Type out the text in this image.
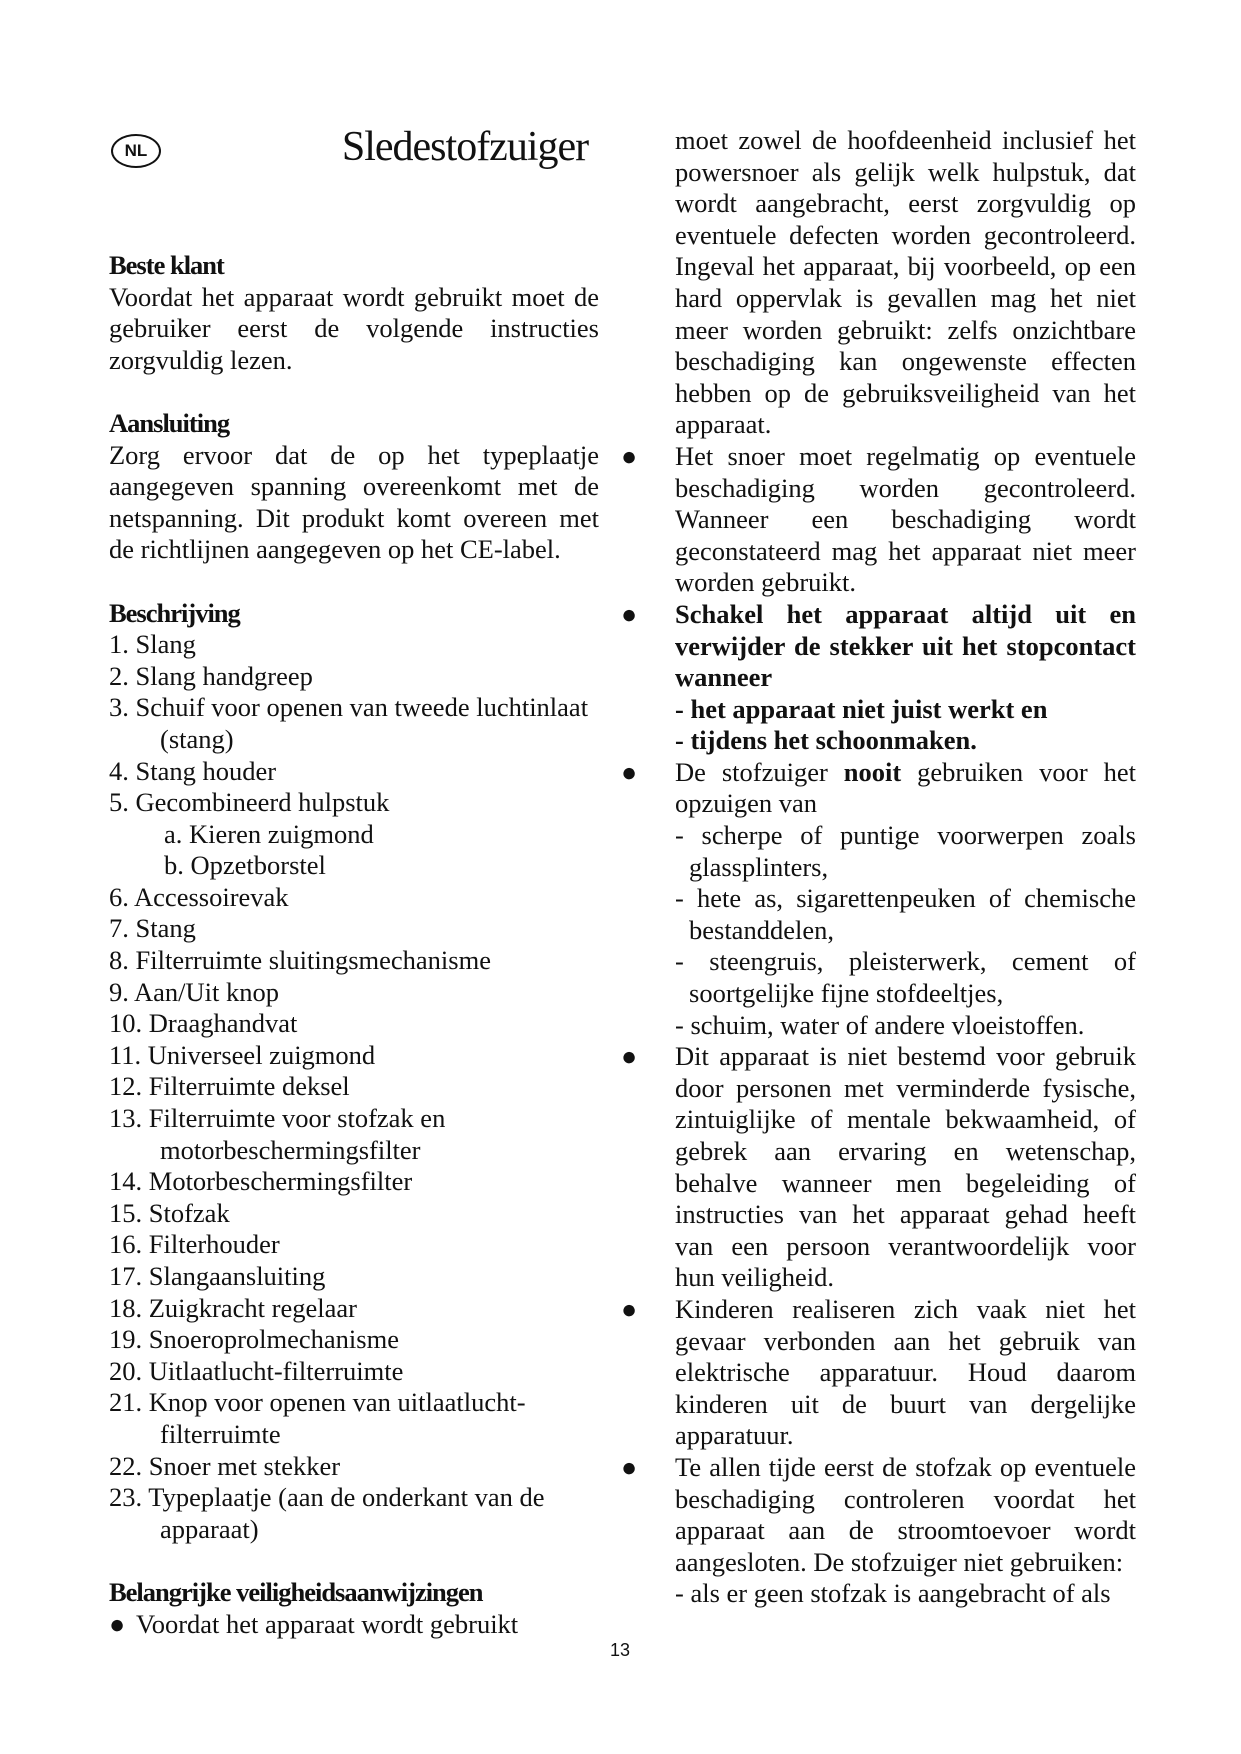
NL	Sledestofzuiger

Beste klant

Voordat het apparaat wordt gebruikt moet de gebruiker eerst de volgende instructies zorgvuldig lezen.

Aansluiting

Zorg ervoor dat de op het typeplaatje aangegeven spanning overeenkomt met de netspanning. Dit produkt komt overeen met de richtlijnen aangegeven op het CE-label.

Beschrijving

1. Slang

2. Slang handgreep

3. Schuif voor openen van tweede luchtinlaat (stang)

4. Stang houder

5. Gecombineerd hulpstuk

a. Kieren zuigmond

b. Opzetborstel

6. Accessoirevak

7. Stang

8. Filterruimte sluitingsmechanisme

9. Aan/Uit knop

10. Draaghandvat

11. Universeel zuigmond

12. Filterruimte deksel

13. Filterruimte voor stofzak en motorbeschermingsfilter

14. Motorbeschermingsfilter

15. Stofzak

16. Filterhouder

17. Slangaansluiting

18. Zuigkracht regelaar

19. Snoeroprolmechanisme

20. Uitlaatlucht-filterruimte

21. Knop voor openen van uitlaatlucht-filterruimte

22. Snoer met stekker

23. Typeplaatje (aan de onderkant van de apparaat)

Belangrijke veiligheidsaanwijzingen

● Voordat het apparaat wordt gebruikt

moet zowel de hoofdeenheid inclusief het powersnoer als gelijk welk hulpstuk, dat wordt aangebracht, eerst zorgvuldig op eventuele defecten worden gecontroleerd. Ingeval het apparaat, bij voorbeeld, op een hard oppervlak is gevallen mag het niet meer worden gebruikt: zelfs onzichtbare beschadiging kan ongewenste effecten hebben op de gebruiksveiligheid van het apparaat.

●	Het snoer moet regelmatig op eventuele beschadiging worden gecontroleerd. Wanneer een beschadiging wordt geconstateerd mag het apparaat niet meer worden gebruikt.
●	Schakel het apparaat altijd uit en verwijder de stekker uit het stopcontact wanneer

- het apparaat niet juist werkt en

- tijdens het schoonmaken.

●	De stofzuiger nooit gebruiken voor het opzuigen van

- scherpe of puntige voorwerpen zoals glassplinters,

- hete as, sigarettenpeuken of chemische bestanddelen,

- steengruis, pleisterwerk, cement of soortgelijke fijne stofdeeltjes,

- schuim, water of andere vloeistoffen.

●	Dit apparaat is niet bestemd voor gebruik door personen met verminderde fysische, zintuiglijke of mentale bekwaamheid, of gebrek aan ervaring en wetenschap, behalve wanneer men begeleiding of instructies van het apparaat gehad heeft van een persoon verantwoordelijk voor hun veiligheid.
●	Kinderen realiseren zich vaak niet het gevaar verbonden aan het gebruik van elektrische apparatuur. Houd daarom kinderen uit de buurt van dergelijke apparatuur.
●	Te allen tijde eerst de stofzak op eventuele beschadiging controleren voordat het apparaat aan de stroomtoevoer wordt aangesloten. De stofzuiger niet gebruiken:

- als er geen stofzak is aangebracht of als

13
